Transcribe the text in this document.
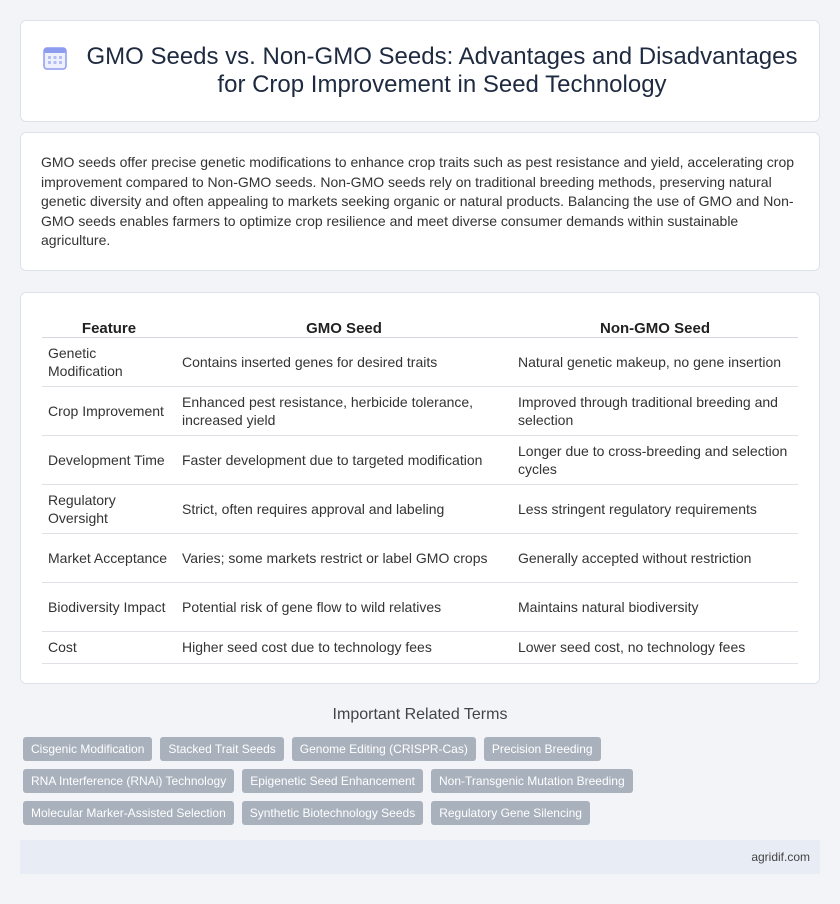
GMO Seeds vs. Non-GMO Seeds: Advantages and Disadvantages for Crop Improvement in Seed Technology

GMO seeds offer precise genetic modifications to enhance crop traits such as pest resistance and yield, accelerating crop improvement compared to Non-GMO seeds. Non-GMO seeds rely on traditional breeding methods, preserving natural genetic diversity and often appealing to markets seeking organic or natural products. Balancing the use of GMO and Non-GMO seeds enables farmers to optimize crop resilience and meet diverse consumer demands within sustainable agriculture.

Feature	GMO Seed	Non-GMO Seed
Genetic Modification	Contains inserted genes for desired traits	Natural genetic makeup, no gene insertion
Crop Improvement	Enhanced pest resistance, herbicide tolerance, increased yield	Improved through traditional breeding and selection
Development Time	Faster development due to targeted modification	Longer due to cross-breeding and selection cycles
Regulatory Oversight	Strict, often requires approval and labeling	Less stringent regulatory requirements
Market Acceptance	Varies; some markets restrict or label GMO crops	Generally accepted without restriction
Biodiversity Impact	Potential risk of gene flow to wild relatives	Maintains natural biodiversity
Cost	Higher seed cost due to technology fees	Lower seed cost, no technology fees
Important Related Terms
Cisgenic Modification	Stacked Trait Seeds	Genome Editing (CRISPR-Cas)	Precision Breeding
RNA Interference (RNAi) Technology	Epigenetic Seed Enhancement	Non-Transgenic Mutation Breeding
Molecular Marker-Assisted Selection	Synthetic Biotechnology Seeds	Regulatory Gene Silencing
agridif.com
